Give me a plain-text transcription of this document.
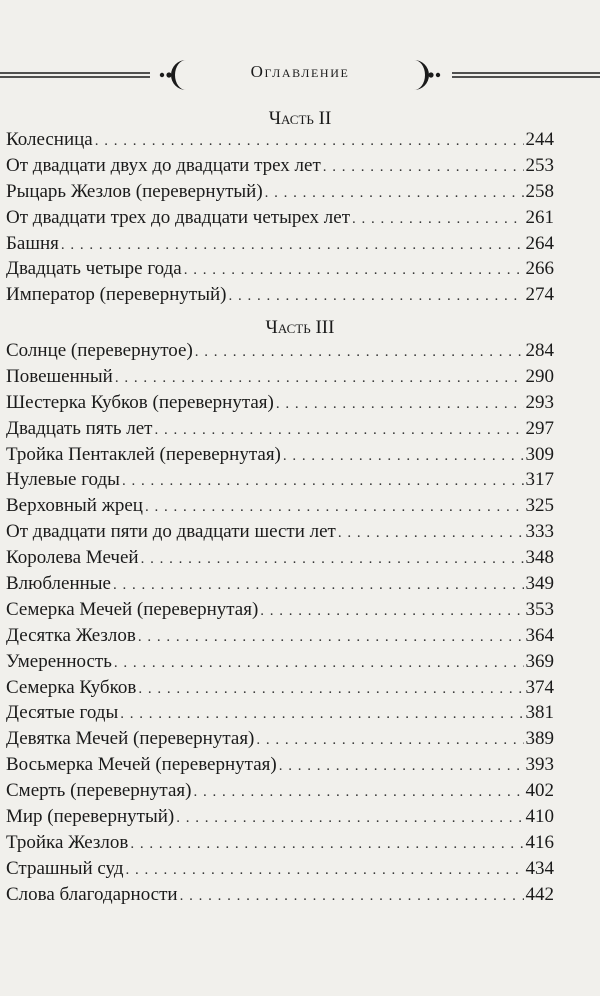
Оглавление
Часть II
Колесница . . .	244
От двадцати двух до двадцати трех лет . . .	253
Рыцарь Жезлов (перевернутый) . . .	258
От двадцати трех до двадцати четырех лет . . .	261
Башня . . .	264
Двадцать четыре года . . .	266
Император (перевернутый) . . .	274
Часть III
Солнце (перевернутое) . . .	284
Повешенный . . .	290
Шестерка Кубков (перевернутая) . . .	293
Двадцать пять лет . . .	297
Тройка Пентаклей (перевернутая) . . .	309
Нулевые годы . . .	317
Верховный жрец . . .	325
От двадцати пяти до двадцати шести лет . . .	333
Королева Мечей . . .	348
Влюбленные . . .	349
Семерка Мечей (перевернутая) . . .	353
Десятка Жезлов . . .	364
Умеренность . . .	369
Семерка Кубков . . .	374
Десятые годы . . .	381
Девятка Мечей (перевернутая) . . .	389
Восьмерка Мечей (перевернутая) . . .	393
Смерть (перевернутая) . . .	402
Мир (перевернутый) . . .	410
Тройка Жезлов . . .	416
Страшный суд . . .	434
Слова благодарности . . .	442
